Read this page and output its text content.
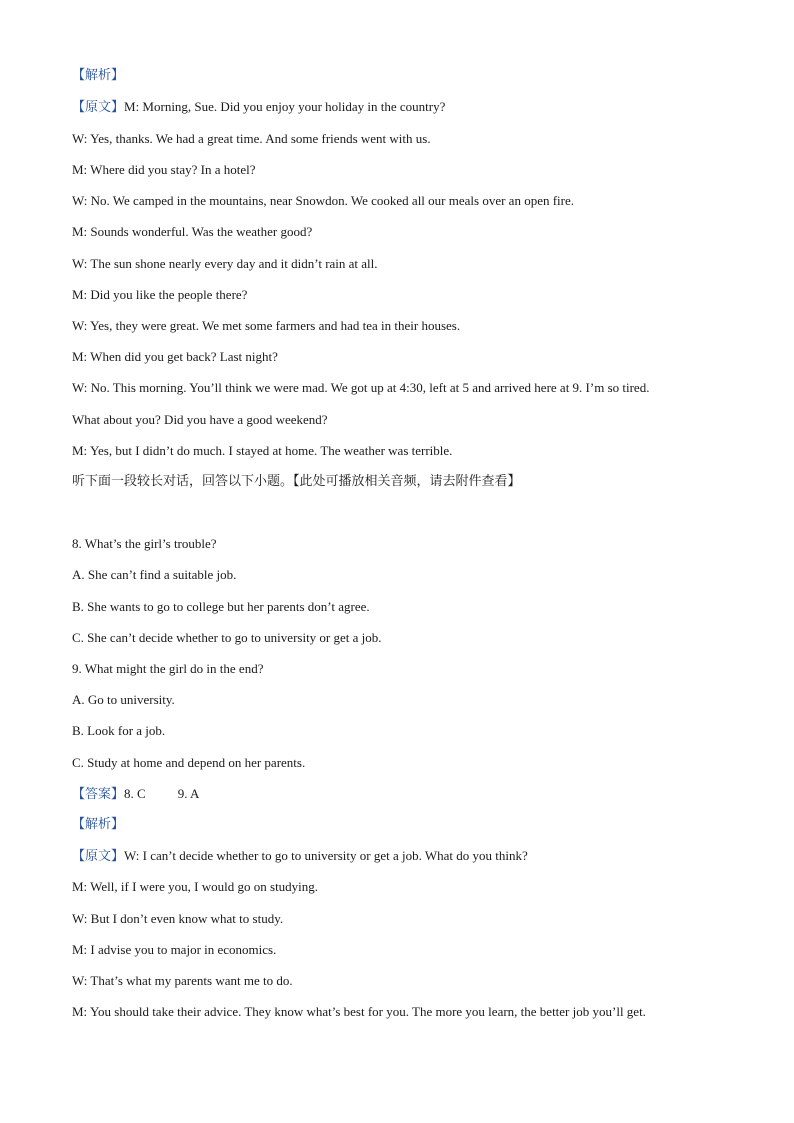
【解析】
【原文】M: Morning, Sue. Did you enjoy your holiday in the country?
W: Yes, thanks. We had a great time. And some friends went with us.
M: Where did you stay? In a hotel?
W: No. We camped in the mountains, near Snowdon. We cooked all our meals over an open fire.
M: Sounds wonderful. Was the weather good?
W: The sun shone nearly every day and it didn’t rain at all.
M: Did you like the people there?
W: Yes, they were great. We met some farmers and had tea in their houses.
M: When did you get back? Last night?
W: No. This morning. You’ll think we were mad. We got up at 4:30, left at 5 and arrived here at 9. I’m so tired.
What about you? Did you have a good weekend?
M: Yes, but I didn’t do much. I stayed at home. The weather was terrible.
听下面一段较长对话，回答以下小题。【此处可播放相关音频，请去附件查看】
8. What’s the girl’s trouble?
A. She can’t find a suitable job.
B. She wants to go to college but her parents don’t agree.
C. She can’t decide whether to go to university or get a job.
9. What might the girl do in the end?
A. Go to university.
B. Look for a job.
C. Study at home and depend on her parents.
【答案】8. C 9. A
【解析】
【原文】W: I can’t decide whether to go to university or get a job. What do you think?
M: Well, if I were you, I would go on studying.
W: But I don’t even know what to study.
M: I advise you to major in economics.
W: That’s what my parents want me to do.
M: You should take their advice. They know what’s best for you. The more you learn, the better job you’ll get.
